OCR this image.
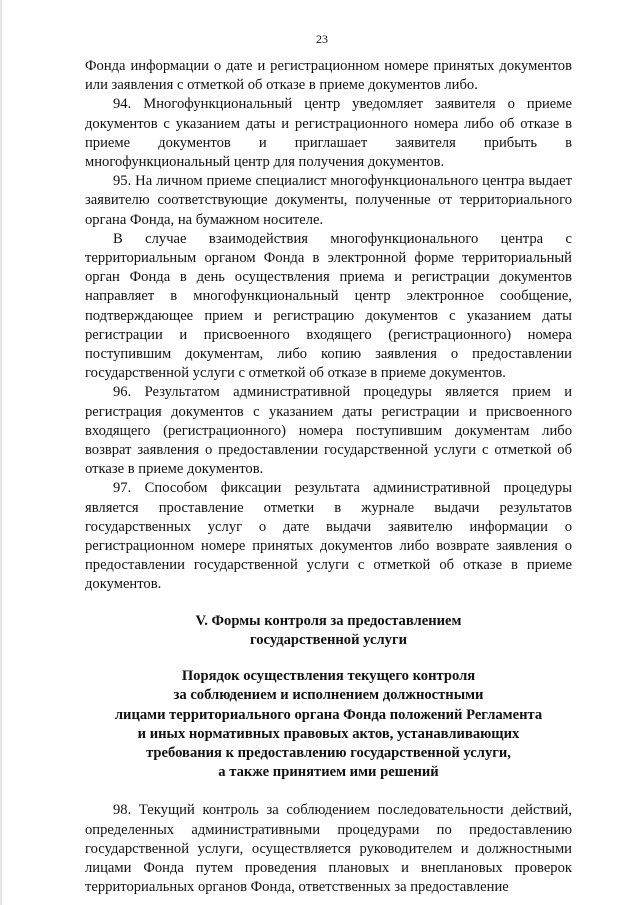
23

Фонда информации о дате и регистрационном номере принятых документов или заявления с отметкой об отказе в приеме документов либо.

94. Многофункциональный центр уведомляет заявителя о приеме документов с указанием даты и регистрационного номера либо об отказе в приеме документов и приглашает заявителя прибыть в многофункциональный центр для получения документов.

95. На личном приеме специалист многофункционального центра выдает заявителю соответствующие документы, полученные от территориального органа Фонда, на бумажном носителе.

В случае взаимодействия многофункционального центра с территориальным органом Фонда в электронной форме территориальный орган Фонда в день осуществления приема и регистрации документов направляет в многофункциональный центр электронное сообщение, подтверждающее прием и регистрацию документов с указанием даты регистрации и присвоенного входящего (регистрационного) номера поступившим документам, либо копию заявления о предоставлении государственной услуги с отметкой об отказе в приеме документов.

96. Результатом административной процедуры является прием и регистрация документов с указанием даты регистрации и присвоенного входящего (регистрационного) номера поступившим документам либо возврат заявления о предоставлении государственной услуги с отметкой об отказе в приеме документов.

97. Способом фиксации результата административной процедуры является проставление отметки в журнале выдачи результатов государственных услуг о дате выдачи заявителю информации о регистрационном номере принятых документов либо возврате заявления о предоставлении государственной услуги с отметкой об отказе в приеме документов.

V. Формы контроля за предоставлением
государственной услуги
Порядок осуществления текущего контроля
за соблюдением и исполнением должностными
лицами территориального органа Фонда положений Регламента
и иных нормативных правовых актов, устанавливающих
требования к предоставлению государственной услуги,
а также принятием ими решений

98. Текущий контроль за соблюдением последовательности действий, определенных административными процедурами по предоставлению государственной услуги, осуществляется руководителем и должностными лицами Фонда путем проведения плановых и внеплановых проверок территориальных органов Фонда, ответственных за предоставление
